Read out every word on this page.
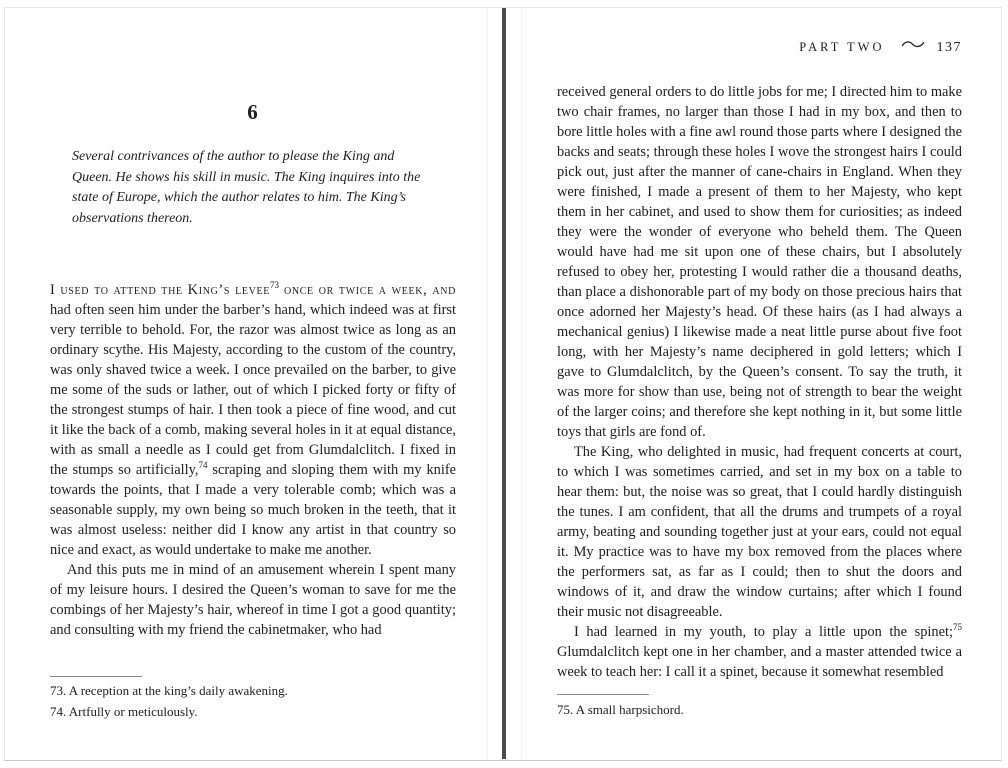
6

Several contrivances of the author to please the King and Queen. He shows his skill in music. The King inquires into the state of Europe, which the author relates to him. The King’s observations thereon.

I used to attend the King’s levee$^{73}$ once or twice a week, and had often seen him under the barber’s hand, which indeed was at first very terrible to behold. For, the razor was almost twice as long as an ordinary scythe. His Majesty, according to the custom of the country, was only shaved twice a week. I once prevailed on the barber, to give me some of the suds or lather, out of which I picked forty or fifty of the strongest stumps of hair. I then took a piece of fine wood, and cut it like the back of a comb, making several holes in it at equal distance, with as small a needle as I could get from Glumdalclitch. I fixed in the stumps so artificially,$^{74}$ scraping and sloping them with my knife towards the points, that I made a very tolerable comb; which was a seasonable supply, my own being so much broken in the teeth, that it was almost useless: neither did I know any artist in that country so nice and exact, as would undertake to make me another.

And this puts me in mind of an amusement wherein I spent many of my leisure hours. I desired the Queen’s woman to save for me the combings of her Majesty’s hair, whereof in time I got a good quantity; and consulting with my friend the cabinetmaker, who had

73. A reception at the king’s daily awakening.

74. Artfully or meticulously.

PART TWO	137

received general orders to do little jobs for me; I directed him to make two chair frames, no larger than those I had in my box, and then to bore little holes with a fine awl round those parts where I designed the backs and seats; through these holes I wove the strongest hairs I could pick out, just after the manner of cane-chairs in England. When they were finished, I made a present of them to her Majesty, who kept them in her cabinet, and used to show them for curiosities; as indeed they were the wonder of everyone who beheld them. The Queen would have had me sit upon one of these chairs, but I absolutely refused to obey her, protesting I would rather die a thousand deaths, than place a dishonorable part of my body on those precious hairs that once adorned her Majesty’s head. Of these hairs (as I had always a mechanical genius) I likewise made a neat little purse about five foot long, with her Majesty’s name deciphered in gold letters; which I gave to Glumdalclitch, by the Queen’s consent. To say the truth, it was more for show than use, being not of strength to bear the weight of the larger coins; and therefore she kept nothing in it, but some little toys that girls are fond of.

The King, who delighted in music, had frequent concerts at court, to which I was sometimes carried, and set in my box on a table to hear them: but, the noise was so great, that I could hardly distinguish the tunes. I am confident, that all the drums and trumpets of a royal army, beating and sounding together just at your ears, could not equal it. My practice was to have my box removed from the places where the performers sat, as far as I could; then to shut the doors and windows of it, and draw the window curtains; after which I found their music not disagreeable.

I had learned in my youth, to play a little upon the spinet;$^{75}$ Glumdalclitch kept one in her chamber, and a master attended twice a week to teach her: I call it a spinet, because it somewhat resembled

75. A small harpsichord.
